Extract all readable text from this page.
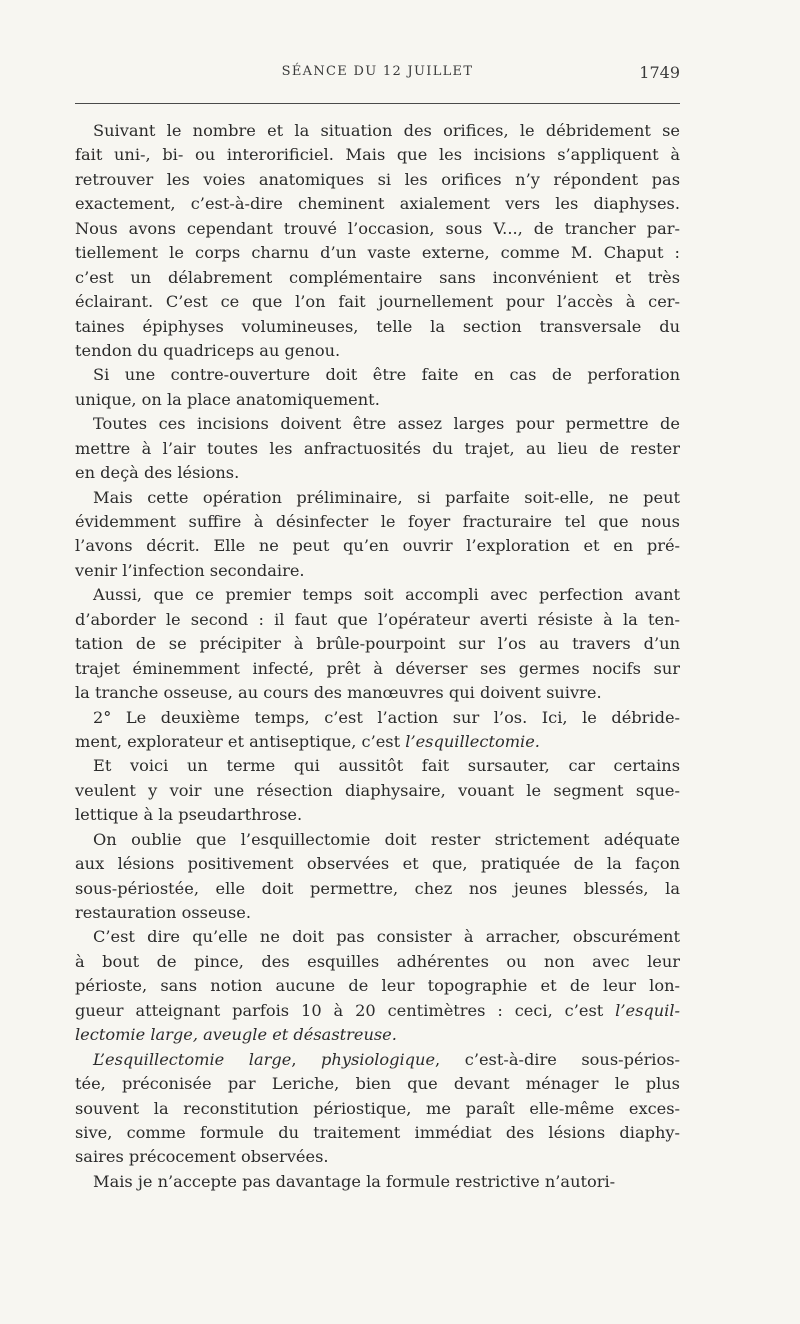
SÉANCE DU 12 JUILLET	1749
Suivant le nombre et la situation des orifices, le débridement se
fait uni-, bi- ou interorificiel. Mais que les incisions s’appliquent à
retrouver les voies anatomiques si les orifices n’y répondent pas
exactement, c’est-à-dire cheminent axialement vers les diaphyses.
Nous avons cependant trouvé l’occasion, sous V..., de trancher par-
tiellement le corps charnu d’un vaste externe, comme M. Chaput :
c’est un délabrement complémentaire sans inconvénient et très
éclairant. C’est ce que l’on fait journellement pour l’accès à cer-
taines épiphyses volumineuses, telle la section transversale du
tendon du quadriceps au genou.
Si une contre-ouverture doit être faite en cas de perforation
unique, on la place anatomiquement.
Toutes ces incisions doivent être assez larges pour permettre de
mettre à l’air toutes les anfractuosités du trajet, au lieu de rester
en deçà des lésions.
Mais cette opération préliminaire, si parfaite soit-elle, ne peut
évidemment suffire à désinfecter le foyer fracturaire tel que nous
l’avons décrit. Elle ne peut qu’en ouvrir l’exploration et en pré-
venir l’infection secondaire.
Aussi, que ce premier temps soit accompli avec perfection avant
d’aborder le second : il faut que l’opérateur averti résiste à la ten-
tation de se précipiter à brûle-pourpoint sur l’os au travers d’un
trajet éminemment infecté, prêt à déverser ses germes nocifs sur
la tranche osseuse, au cours des manœuvres qui doivent suivre.
2° Le deuxième temps, c’est l’action sur l’os. Ici, le débride-
ment, explorateur et antiseptique, c’est l’esquillectomie.
Et voici un terme qui aussitôt fait sursauter, car certains
veulent y voir une résection diaphysaire, vouant le segment sque-
lettique à la pseudarthrose.
On oublie que l’esquillectomie doit rester strictement adéquate
aux lésions positivement observées et que, pratiquée de la façon
sous-périostée, elle doit permettre, chez nos jeunes blessés, la
restauration osseuse.
C’est dire qu’elle ne doit pas consister à arracher, obscurément
à bout de pince, des esquilles adhérentes ou non avec leur
périoste, sans notion aucune de leur topographie et de leur lon-
gueur atteignant parfois 10 à 20 centimètres : ceci, c’est l’esquil-
lectomie large, aveugle et désastreuse.
L’esquillectomie large, physiologique, c’est-à-dire sous-périos-
tée, préconisée par Leriche, bien que devant ménager le plus
souvent la reconstitution périostique, me paraît elle-même exces-
sive, comme formule du traitement immédiat des lésions diaphy-
saires précocement observées.
Mais je n’accepte pas davantage la formule restrictive n’autori-
